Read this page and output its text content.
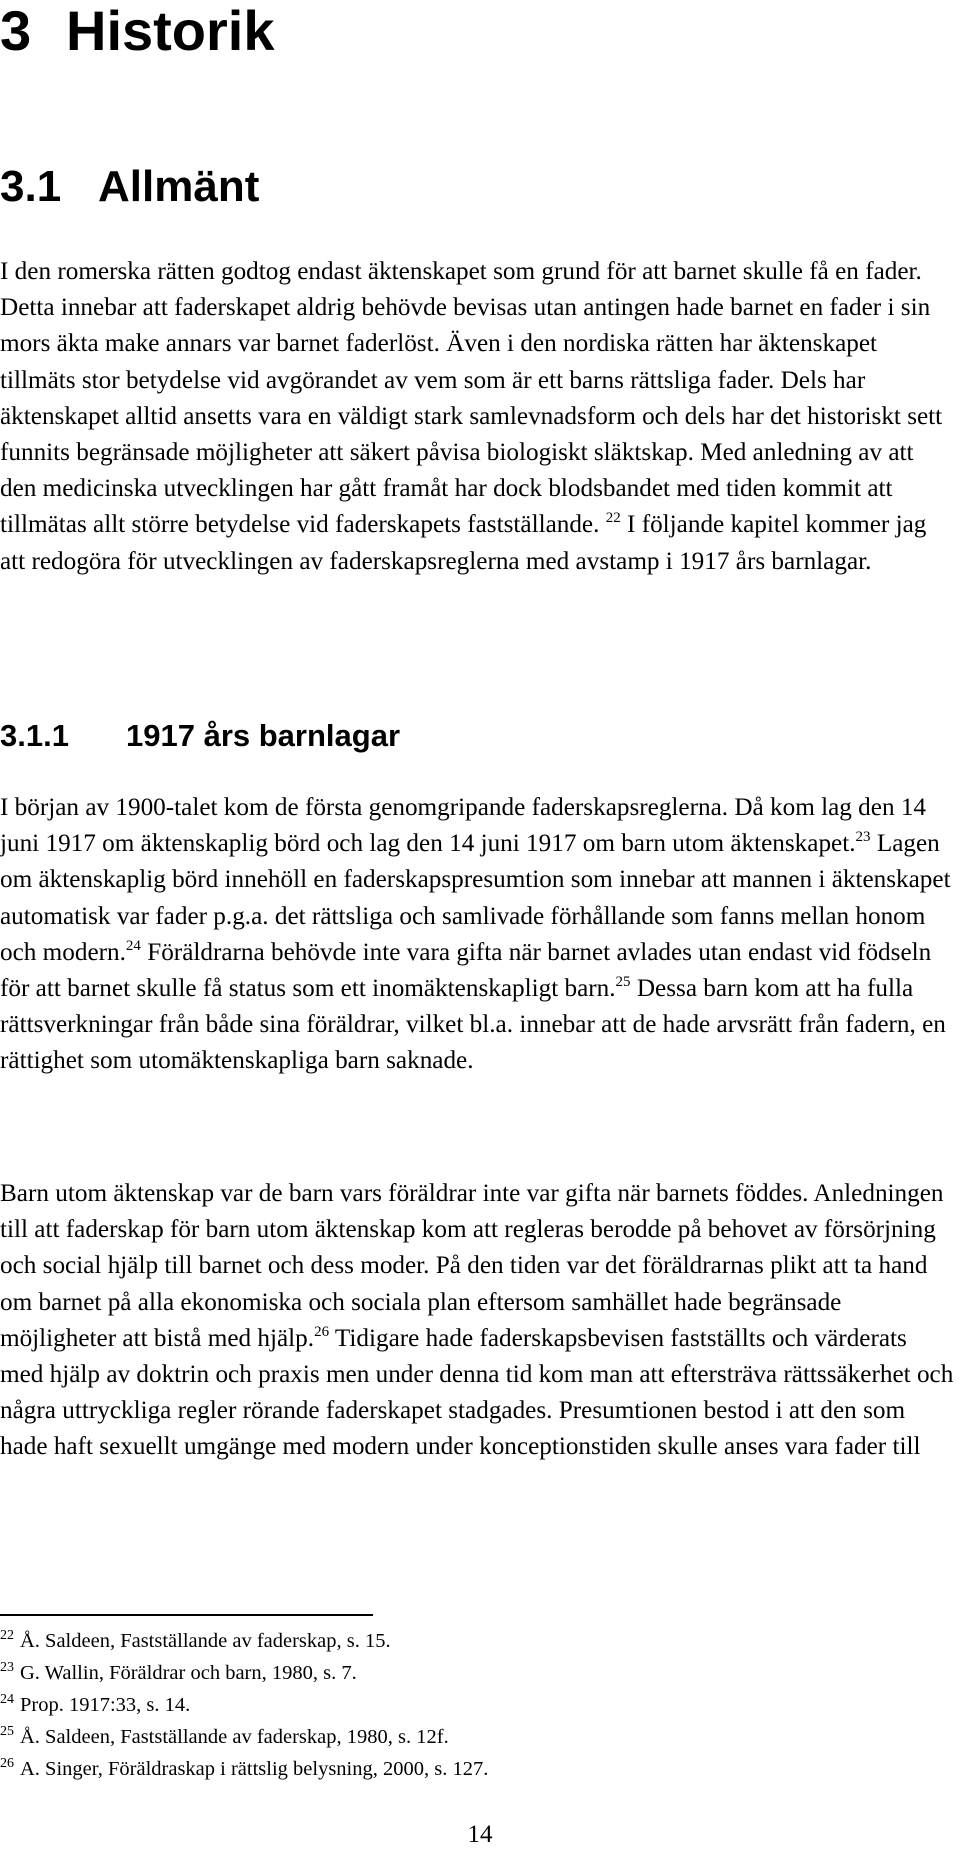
3 Historik
3.1 Allmänt

I den romerska rätten godtog endast äktenskapet som grund för att barnet skulle få en fader. Detta innebar att faderskapet aldrig behövde bevisas utan antingen hade barnet en fader i sin mors äkta make annars var barnet faderlöst. Även i den nordiska rätten har äktenskapet tillmäts stor betydelse vid avgörandet av vem som är ett barns rättsliga fader. Dels har äktenskapet alltid ansetts vara en väldigt stark samlevnadsform och dels har det historiskt sett funnits begränsade möjligheter att säkert påvisa biologiskt släktskap. Med anledning av att den medicinska utvecklingen har gått framåt har dock blodsbandet med tiden kommit att tillmätas allt större betydelse vid faderskapets fastställande. $^{22}$ I följande kapitel kommer jag att redogöra för utvecklingen av faderskapsreglerna med avstamp i 1917 års barnlagar.

3.1.1 1917 års barnlagar

I början av 1900-talet kom de första genomgripande faderskapsreglerna. Då kom lag den 14 juni 1917 om äktenskaplig börd och lag den 14 juni 1917 om barn utom äktenskapet.$^{23}$ Lagen om äktenskaplig börd innehöll en faderskapspresumtion som innebar att mannen i äktenskapet automatisk var fader p.g.a. det rättsliga och samlivade förhållande som fanns mellan honom och modern.$^{24}$ Föräldrarna behövde inte vara gifta när barnet avlades utan endast vid födseln för att barnet skulle få status som ett inomäktenskapligt barn.$^{25}$ Dessa barn kom att ha fulla rättsverkningar från både sina föräldrar, vilket bl.a. innebar att de hade arvsrätt från fadern, en rättighet som utomäktenskapliga barn saknade.

Barn utom äktenskap var de barn vars föräldrar inte var gifta när barnets föddes. Anledningen till att faderskap för barn utom äktenskap kom att regleras berodde på behovet av försörjning och social hjälp till barnet och dess moder. På den tiden var det föräldrarnas plikt att ta hand om barnet på alla ekonomiska och sociala plan eftersom samhället hade begränsade möjligheter att bistå med hjälp.$^{26}$ Tidigare hade faderskapsbevisen fastställts och värderats med hjälp av doktrin och praxis men under denna tid kom man att eftersträva rättssäkerhet och några uttryckliga regler rörande faderskapet stadgades. Presumtionen bestod i att den som hade haft sexuellt umgänge med modern under konceptionstiden skulle anses vara fader till

$^{22}$ Å. Saldeen, Fastställande av faderskap, s. 15.

$^{23}$ G. Wallin, Föräldrar och barn, 1980, s. 7.

$^{24}$ Prop. 1917:33, s. 14.

$^{25}$ Å. Saldeen, Fastställande av faderskap, 1980, s. 12f.

$^{26}$ A. Singer, Föräldraskap i rättslig belysning, 2000, s. 127.

14
